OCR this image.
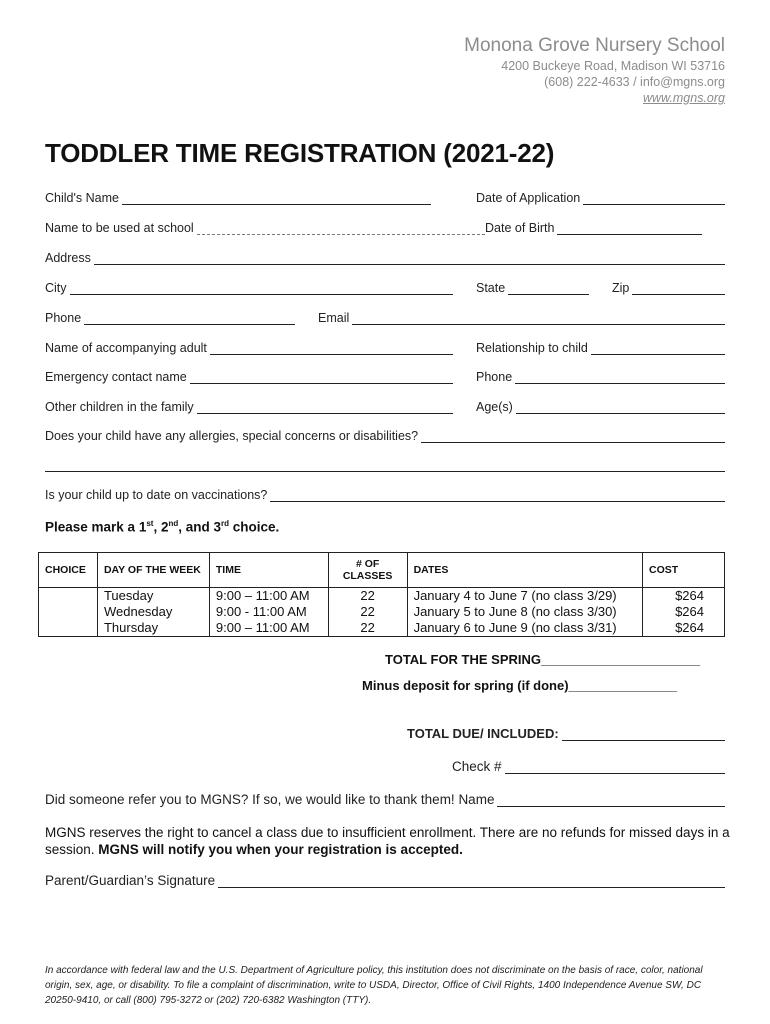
Monona Grove Nursery School
4200 Buckeye Road, Madison WI 53716
(608) 222-4633 / info@mgns.org
www.mgns.org
TODDLER TIME REGISTRATION (2021-22)
Child's Name	Date of Application
Name to be used at school	Date of Birth
Address
City	State	Zip
Phone	Email
Name of accompanying adult	Relationship to child
Emergency contact name	Phone
Other children in the family	Age(s)
Does your child have any allergies, special concerns or disabilities?
Is your child up to date on vaccinations?
Please mark a 1st, 2nd, and 3rd choice.
CHOICE	DAY OF THE WEEK	TIME	# OF CLASSES	DATES	COST
	Tuesday	9:00 – 11:00 AM	22	January 4 to June 7 (no class 3/29)	$264
	Wednesday	9:00 - 11:00 AM	22	January 5 to June 8 (no class 3/30)	$264
	Thursday	9:00 – 11:00 AM	22	January 6 to June 9 (no class 3/31)	$264
TOTAL FOR THE SPRING______________________
Minus deposit for spring (if done)_______________
TOTAL DUE/ INCLUDED:
Check #
Did someone refer you to MGNS? If so, we would like to thank them! Name
MGNS reserves the right to cancel a class due to insufficient enrollment. There are no refunds for missed days in a session. MGNS will notify you when your registration is accepted.
Parent/Guardian’s Signature
In accordance with federal law and the U.S. Department of Agriculture policy, this institution does not discriminate on the basis of race, color, national origin, sex, age, or disability. To file a complaint of discrimination, write to USDA, Director, Office of Civil Rights, 1400 Independence Avenue SW, DC 20250-9410, or call (800) 795-3272 or (202) 720-6382 Washington (TTY).
